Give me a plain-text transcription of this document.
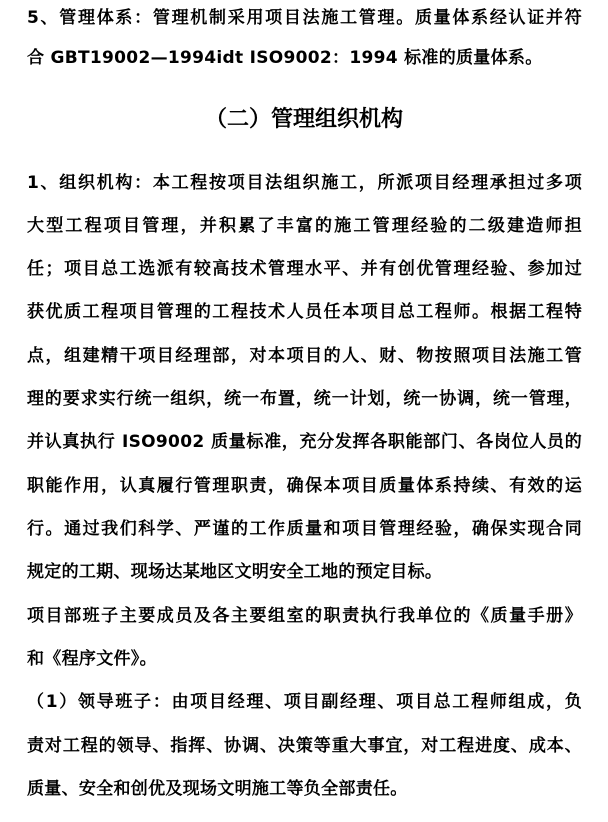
5、管理体系：管理机制采用项目法施工管理。质量体系经认证并符
合 GBT19002—1994idt ISO9002：1994 标准的质量体系。
（二）管理组织机构
1、组织机构：本工程按项目法组织施工，所派项目经理承担过多项
大型工程项目管理，并积累了丰富的施工管理经验的二级建造师担
任；项目总工选派有较高技术管理水平、并有创优管理经验、参加过
获优质工程项目管理的工程技术人员任本项目总工程师。根据工程特
点，组建精干项目经理部，对本项目的人、财、物按照项目法施工管
理的要求实行统一组织，统一布置，统一计划，统一协调，统一管理，
并认真执行 ISO9002 质量标准，充分发挥各职能部门、各岗位人员的
职能作用，认真履行管理职责，确保本项目质量体系持续、有效的运
行。通过我们科学、严谨的工作质量和项目管理经验，确保实现合同
规定的工期、现场达某地区文明安全工地的预定目标。
项目部班子主要成员及各主要组室的职责执行我单位的《质量手册》
和《程序文件》。
（1）领导班子：由项目经理、项目副经理、项目总工程师组成，负
责对工程的领导、指挥、协调、决策等重大事宜，对工程进度、成本、
质量、安全和创优及现场文明施工等负全部责任。
